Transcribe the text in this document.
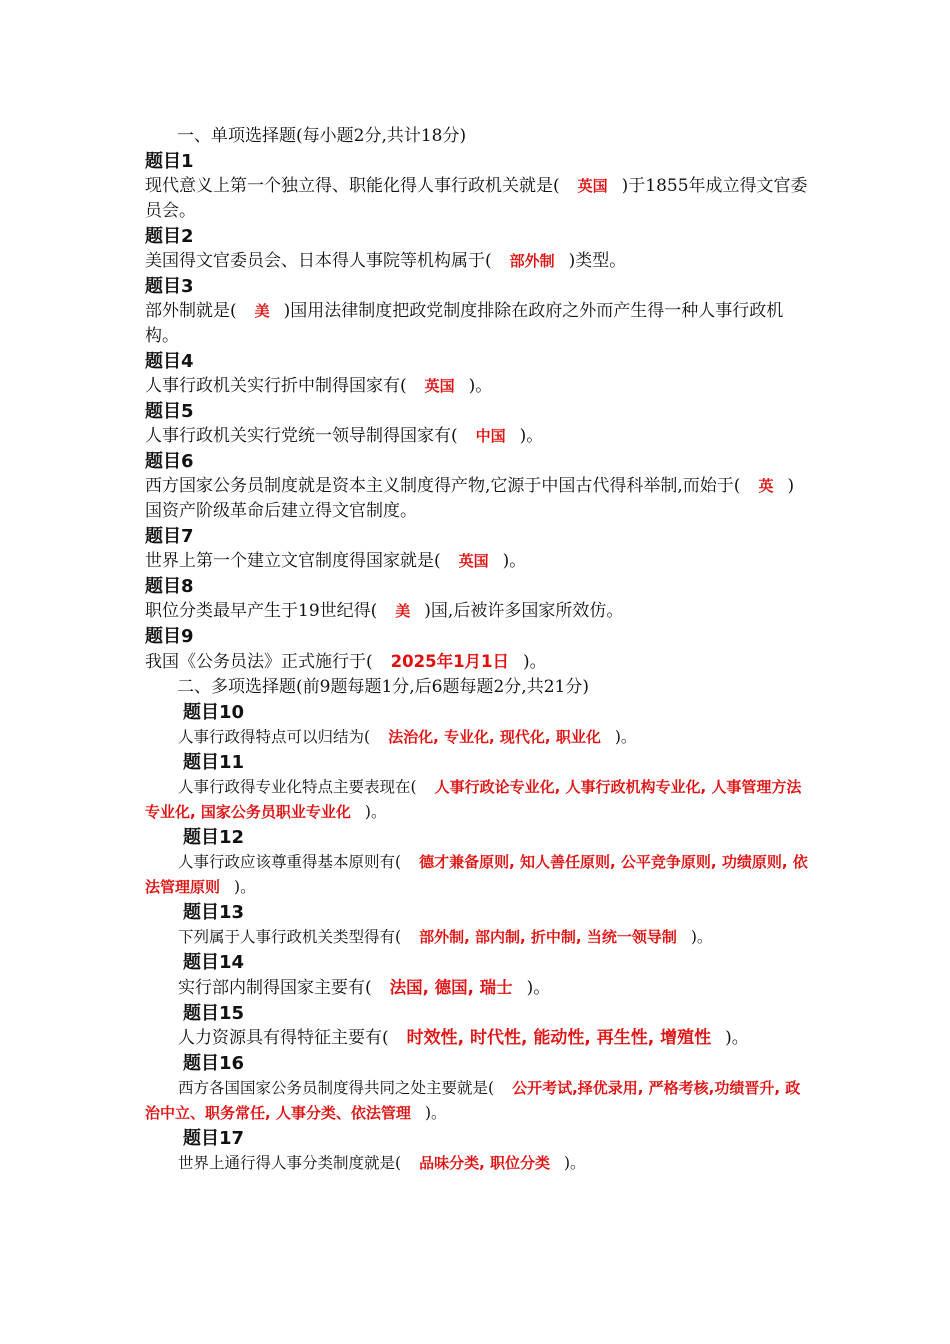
一、单项选择题(每小题2分,共计18分)

题目1

现代意义上第一个独立得、职能化得人事行政机关就是( 英国 )于1855年成立得文官委员会。

题目2

美国得文官委员会、日本得人事院等机构属于( 部外制 )类型。

题目3

部外制就是( 美 )国用法律制度把政党制度排除在政府之外而产生得一种人事行政机构。

题目4

人事行政机关实行折中制得国家有( 英国 )。

题目5

人事行政机关实行党统一领导制得国家有( 中国 )。

题目6

西方国家公务员制度就是资本主义制度得产物,它源于中国古代得科举制,而始于( 英 )国资产阶级革命后建立得文官制度。

题目7

世界上第一个建立文官制度得国家就是( 英国 )。

题目8

职位分类最早产生于19世纪得( 美 )国,后被许多国家所效仿。

题目9

我国《公务员法》正式施行于( 2025年1月1日 )。

二、多项选择题(前9题每题1分,后6题每题2分,共21分)

题目10

人事行政得特点可以归结为( 法治化, 专业化, 现代化, 职业化 )。

题目11

人事行政得专业化特点主要表现在( 人事行政论专业化, 人事行政机构专业化, 人事管理方法专业化, 国家公务员职业专业化 )。

题目12

人事行政应该尊重得基本原则有( 德才兼备原则, 知人善任原则, 公平竞争原则, 功绩原则, 依法管理原则 )。

题目13

下列属于人事行政机关类型得有( 部外制, 部内制, 折中制, 当统一领导制 )。

题目14

实行部内制得国家主要有( 法国, 德国, 瑞士 )。

题目15

人力资源具有得特征主要有( 时效性, 时代性, 能动性, 再生性, 增殖性 )。

题目16

西方各国国家公务员制度得共同之处主要就是( 公开考试,择优录用, 严格考核,功绩晋升, 政治中立、职务常任, 人事分类、依法管理 )。

题目17

世界上通行得人事分类制度就是( 品味分类, 职位分类 )。
